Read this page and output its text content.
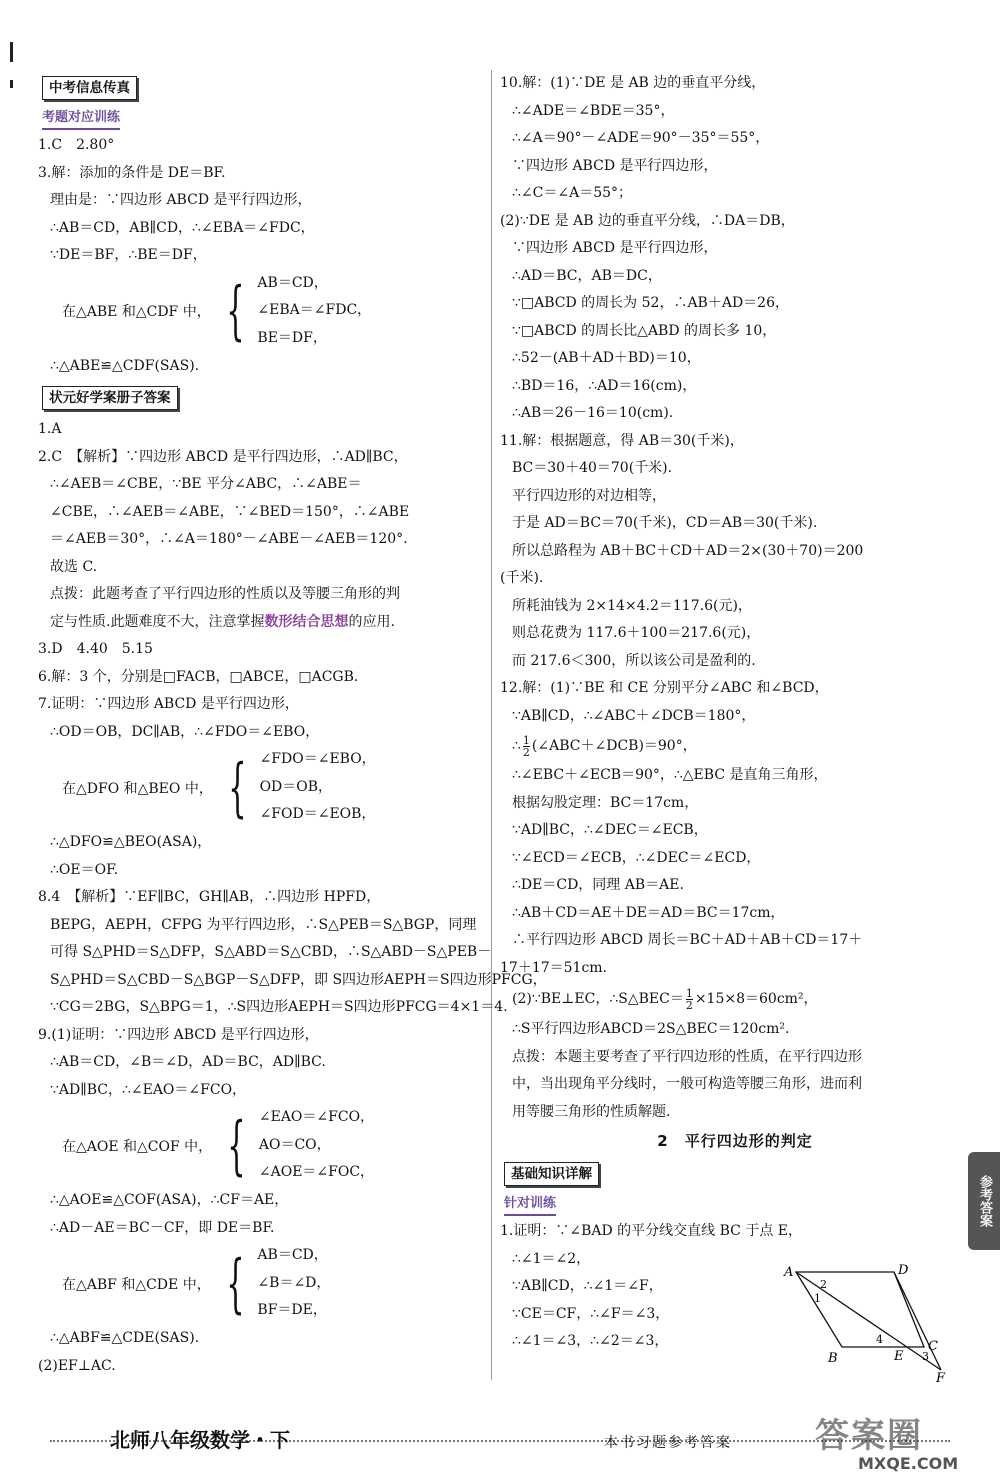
中考信息传真
考题对应训练
1.C　2.80°
3.解：添加的条件是 DE＝BF.
理由是：∵四边形 ABCD 是平行四边形，
∴AB＝CD，AB∥CD，∴∠EBA＝∠FDC，
∵DE＝BF，∴BE＝DF，
在△ABE 和△CDF 中， { AB＝CD，
∠EBA＝∠FDC，
BE＝DF，
∴△ABE≌△CDF(SAS).
状元好学案册子答案
1.A
2.C　【解析】∵四边形 ABCD 是平行四边形，∴AD∥BC，
∴∠AEB＝∠CBE，∵BE 平分∠ABC，∴∠ABE＝
∠CBE，∴∠AEB＝∠ABE，∵∠BED＝150°，∴∠ABE
＝∠AEB＝30°，∴∠A＝180°－∠ABE－∠AEB＝120°.
故选 C.
点拨：此题考查了平行四边形的性质以及等腰三角形的判
定与性质.此题难度不大，注意掌握数形结合思想的应用.
3.D　4.40　5.15
6.解：3 个，分别是□FACB，□ABCE，□ACGB.
7.证明：∵四边形 ABCD 是平行四边形，
∴OD＝OB，DC∥AB，∴∠FDO＝∠EBO，
在△DFO 和△BEO 中， { ∠FDO＝∠EBO，
OD＝OB，
∠FOD＝∠EOB，
∴△DFO≌△BEO(ASA)，
∴OE＝OF.
8.4　【解析】∵EF∥BC，GH∥AB，∴四边形 HPFD，
BEPG，AEPH，CFPG 为平行四边形，∴S△PEB＝S△BGP，同理
可得 S△PHD＝S△DFP，S△ABD＝S△CBD，∴S△ABD－S△PEB－
S△PHD＝S△CBD－S△BGP－S△DFP，即 S四边形AEPH＝S四边形PFCG，
∵CG＝2BG，S△BPG＝1，∴S四边形AEPH＝S四边形PFCG＝4×1＝4.
9.(1)证明：∵四边形 ABCD 是平行四边形，
∴AB＝CD，∠B＝∠D，AD＝BC，AD∥BC.
∵AD∥BC，∴∠EAO＝∠FCO，
在△AOE 和△COF 中， { ∠EAO＝∠FCO，
AO＝CO，
∠AOE＝∠FOC，
∴△AOE≌△COF(ASA)，∴CF＝AE，
∴AD－AE＝BC－CF，即 DE＝BF.
在△ABF 和△CDE 中， { AB＝CD，
∠B＝∠D，
BF＝DE，
∴△ABF≌△CDE(SAS).
(2)EF⊥AC.
10.解：(1)∵DE 是 AB 边的垂直平分线，
∴∠ADE＝∠BDE＝35°，
∴∠A＝90°－∠ADE＝90°－35°＝55°，
∵四边形 ABCD 是平行四边形，
∴∠C＝∠A＝55°；
(2)∵DE 是 AB 边的垂直平分线，∴DA＝DB，
∵四边形 ABCD 是平行四边形，
∴AD＝BC，AB＝DC，
∵□ABCD 的周长为 52，∴AB＋AD＝26，
∵□ABCD 的周长比△ABD 的周长多 10，
∴52－(AB＋AD＋BD)＝10，
∴BD＝16，∴AD＝16(cm)，
∴AB＝26－16＝10(cm).
11.解：根据题意，得 AB＝30(千米)，
BC＝30＋40＝70(千米).
平行四边形的对边相等，
于是 AD＝BC＝70(千米)，CD＝AB＝30(千米).
所以总路程为 AB＋BC＋CD＋AD＝2×(30＋70)＝200
(千米).
所耗油钱为 2×14×4.2＝117.6(元)，
则总花费为 117.6＋100＝217.6(元)，
而 217.6＜300，所以该公司是盈利的.
12.解：(1)∵BE 和 CE 分别平分∠ABC 和∠BCD，
∵AB∥CD，∴∠ABC＋∠DCB＝180°，
∴ $\frac{1}{2}$ (∠ABC＋∠DCB)＝90°，
∴∠EBC＋∠ECB＝90°，∴△EBC 是直角三角形，
根据勾股定理：BC＝17cm，
∵AD∥BC，∴∠DEC＝∠ECB，
∵∠ECD＝∠ECB，∴∠DEC＝∠ECD，
∴DE＝CD，同理 AB＝AE.
∴AB＋CD＝AE＋DE＝AD＝BC＝17cm，
∴平行四边形 ABCD 周长＝BC＋AD＋AB＋CD＝17＋
17＋17＝51cm.
(2)∵BE⊥EC，∴S△BEC＝ $\frac{1}{2} \times 15\times 8=60cm^2$，
∴S平行四边形ABCD＝2S△BEC＝120cm².
点拨：本题主要考查了平行四边形的性质，在平行四边形
中，当出现角平分线时，一般可构造等腰三角形，进而利
用等腰三角形的性质解题.
2　平行四边形的判定
基础知识详解
针对训练
1.证明：∵∠BAD 的平分线交直线 BC 于点 E，
∴∠1＝∠2，
∵AB∥CD，∴∠1＝∠F，
∵CE＝CF，∴∠F＝∠3，
∴∠1＝∠3，∴∠2＝∠3，
A	D
B
C
E
F
2
1
4
3
参考答案
北师八年级数学・下	本书习题参考答案 答案圈
MXQE.COM
